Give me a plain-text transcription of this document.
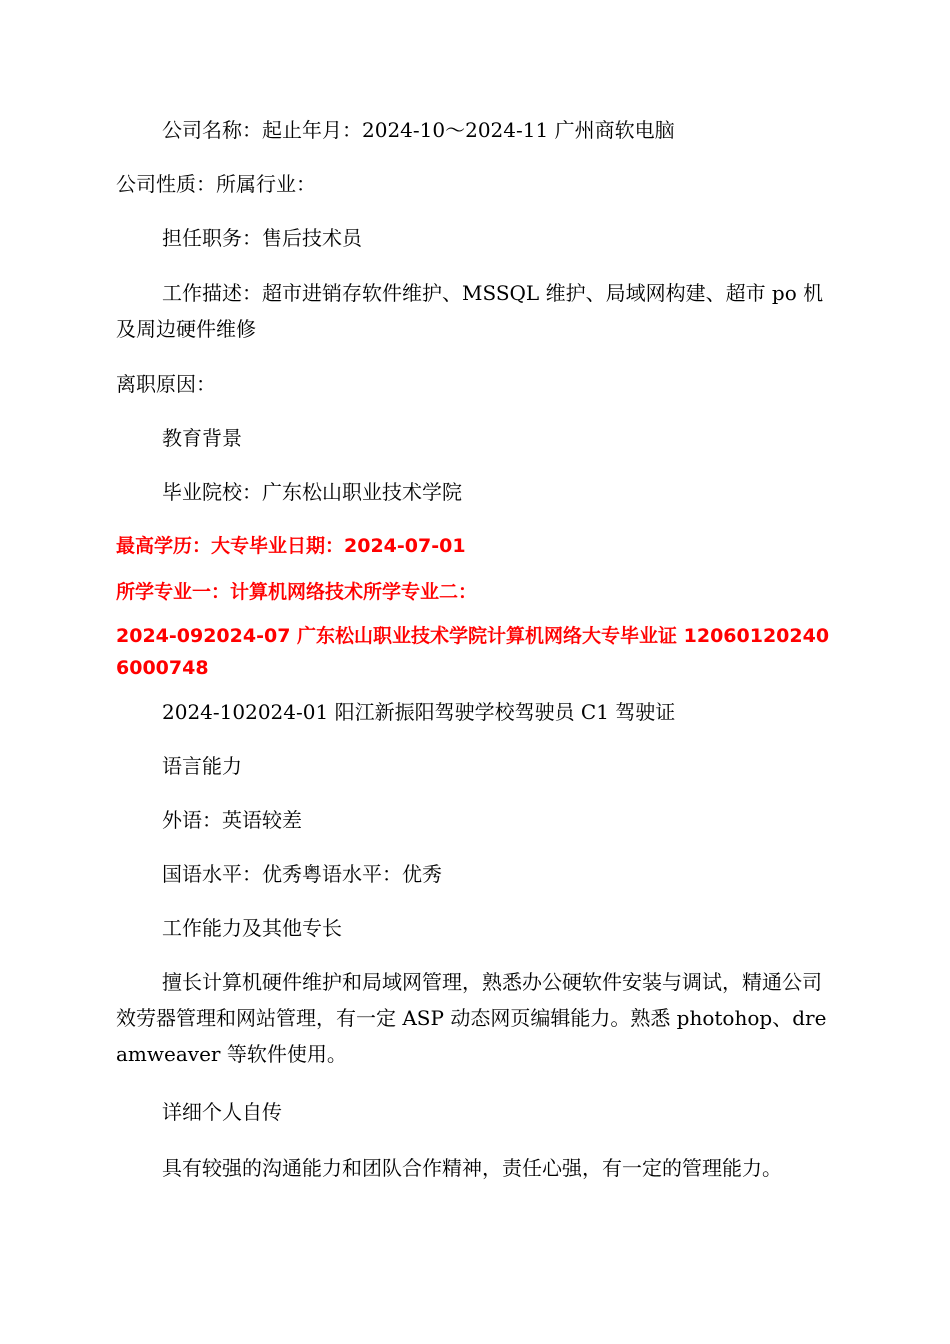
公司名称：起止年月：2024-10～2024-11 广州商软电脑

公司性质：所属行业：

担任职务：售后技术员

工作描述：超市进销存软件维护、MSSQL 维护、局域网构建、超市 po 机及周边硬件维修

离职原因：

教育背景

毕业院校：广东松山职业技术学院

最高学历：大专毕业日期：2024-07-01

所学专业一：计算机网络技术所学专业二：

2024-092024-07 广东松山职业技术学院计算机网络大专毕业证 120601202406000748

2024-102024-01 阳江新振阳驾驶学校驾驶员 C1 驾驶证

语言能力

外语：英语较差

国语水平：优秀粤语水平：优秀

工作能力及其他专长

擅长计算机硬件维护和局域网管理，熟悉办公硬软件安装与调试，精通公司效劳器管理和网站管理，有一定 ASP 动态网页编辑能力。熟悉 photohop、dreamweaver 等软件使用。

详细个人自传

具有较强的沟通能力和团队合作精神，责任心强，有一定的管理能力。
